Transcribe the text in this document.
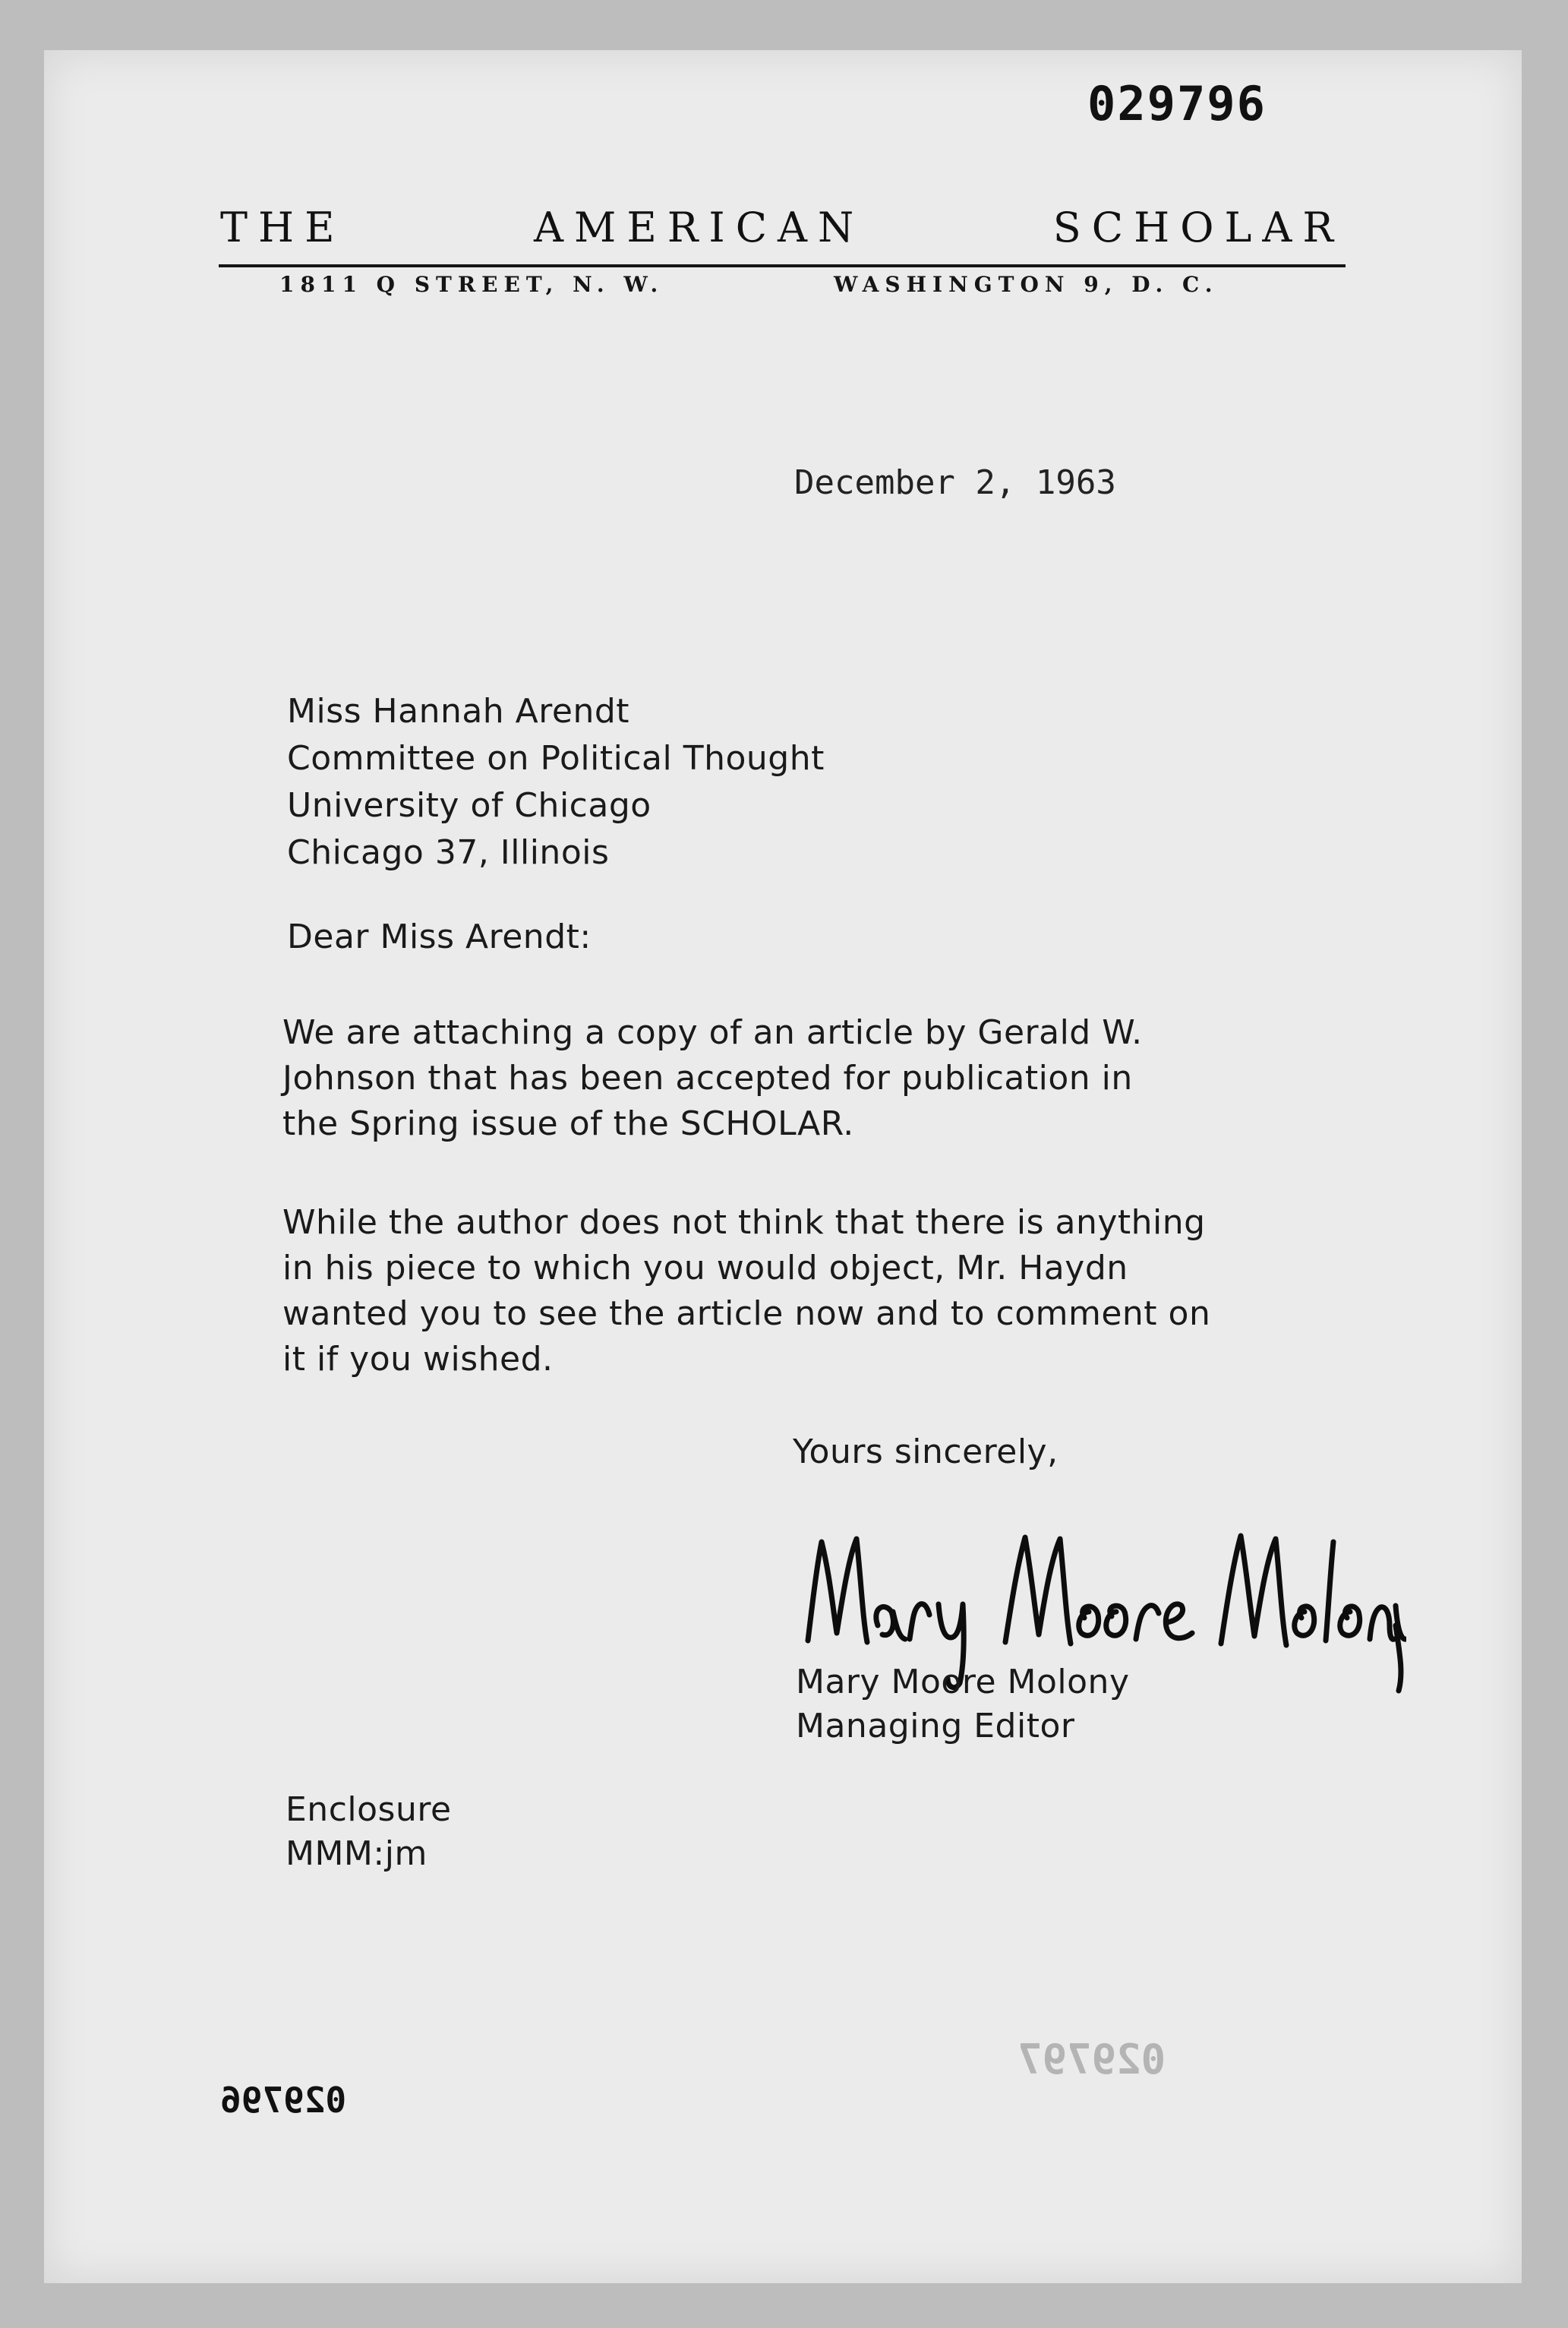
029796
THE AMERICAN SCHOLAR
1811 Q STREET, N. W.	WASHINGTON 9, D. C.
December 2, 1963
Miss Hannah Arendt
Committee on Political Thought
University of Chicago
Chicago 37, Illinois
Dear Miss Arendt:
We are attaching a copy of an article by Gerald W.
Johnson that has been accepted for publication in
the Spring issue of the SCHOLAR.
While the author does not think that there is anything
in his piece to which you would object, Mr. Haydn
wanted you to see the article now and to comment on
it if you wished.
Yours sincerely,
Mary Moore Molony
Managing Editor
Enclosure
MMM:jm
029797
029796
